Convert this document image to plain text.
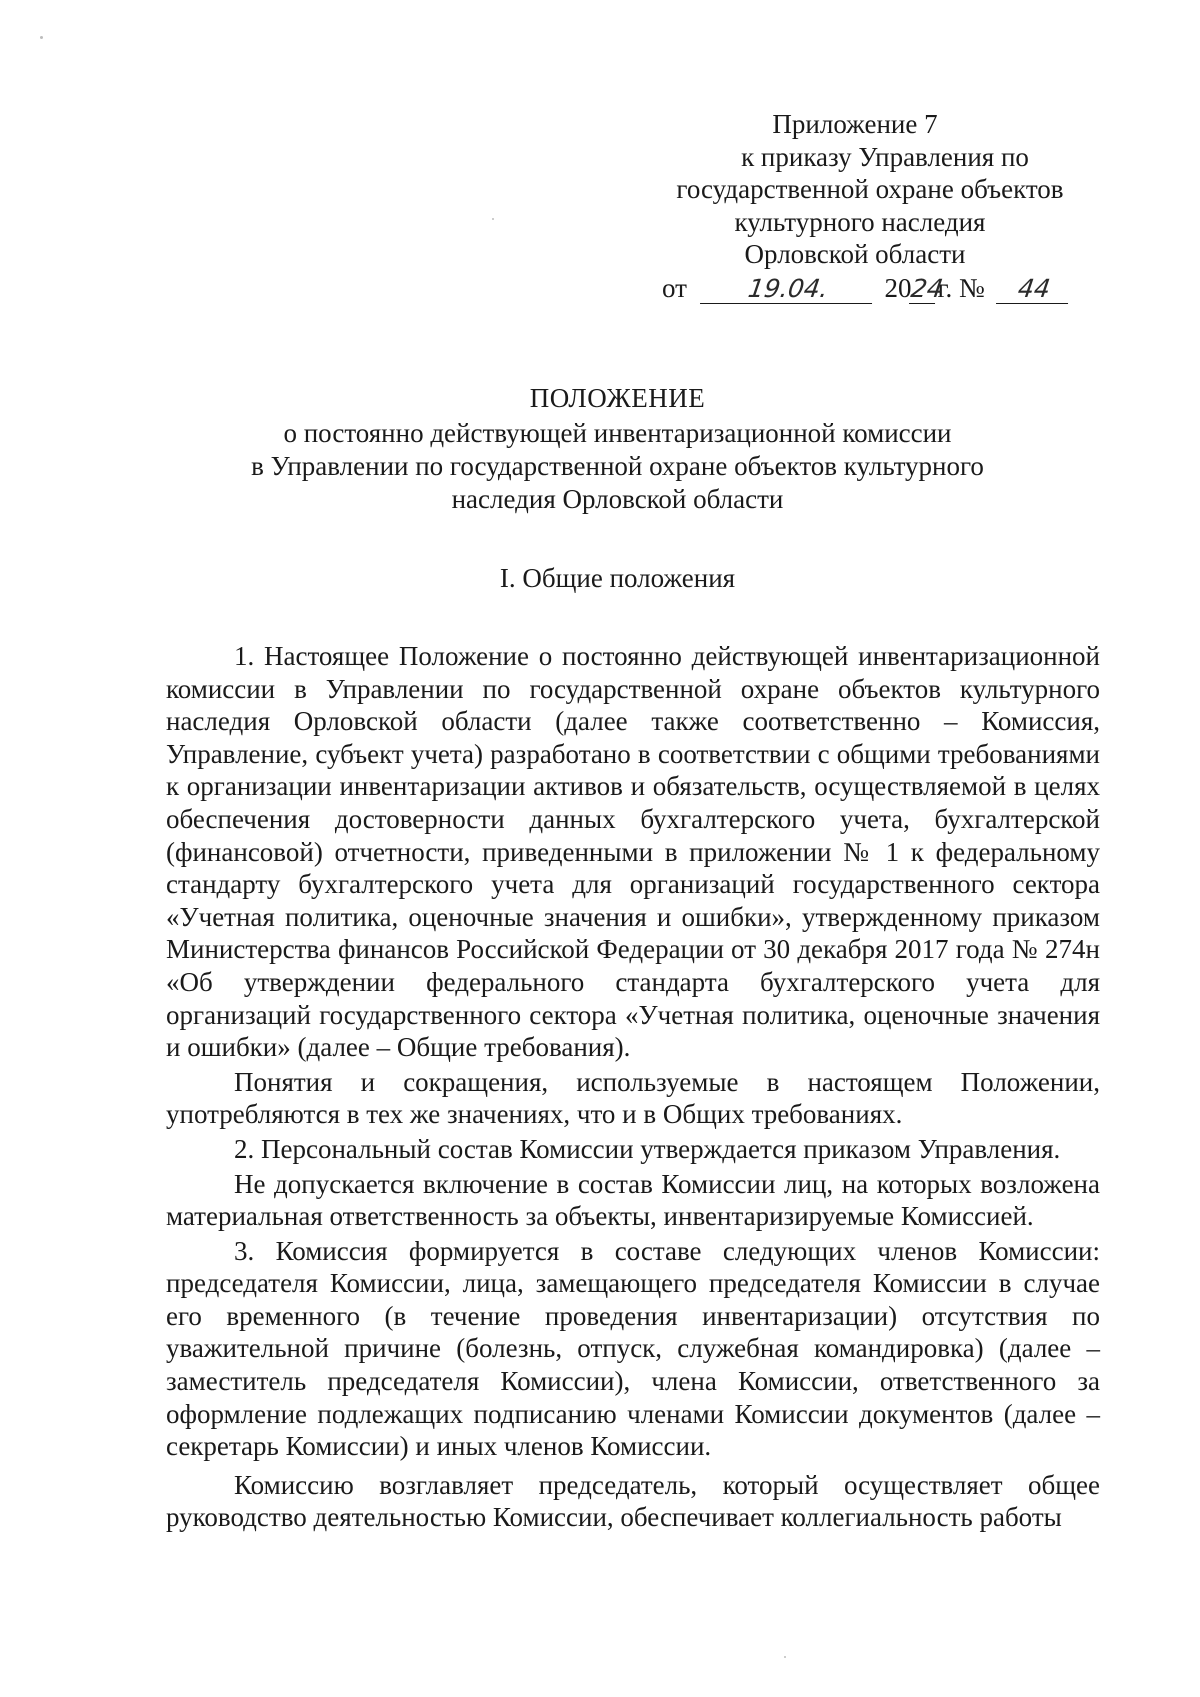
Приложение 7
к приказу Управления по
государственной охране объектов
культурного наследия
Орловской области
от 19.04. 2024г. № 44
ПОЛОЖЕНИЕ
о постоянно действующей инвентаризационной комиссии
в Управлении по государственной охране объектов культурного
наследия Орловской области
I. Общие положения

1. Настоящее Положение о постоянно действующей инвентаризационной комиссии в Управлении по государственной охране объектов культурного наследия Орловской области (далее также соответственно – Комиссия, Управление, субъект учета) разработано в соответствии с общими требованиями к организации инвентаризации активов и обязательств, осуществляемой в целях обеспечения достоверности данных бухгалтерского учета, бухгалтерской (финансовой) отчетности, приведенными в приложении № 1 к федеральному стандарту бухгалтерского учета для организаций государственного сектора «Учетная политика, оценочные значения и ошибки», утвержденному приказом Министерства финансов Российской Федерации от 30 декабря 2017 года № 274н «Об утверждении федерального стандарта бухгалтерского учета для организаций государственного сектора «Учетная политика, оценочные значения и ошибки» (далее – Общие требования).

Понятия и сокращения, используемые в настоящем Положении, употребляются в тех же значениях, что и в Общих требованиях.

2. Персональный состав Комиссии утверждается приказом Управления.

Не допускается включение в состав Комиссии лиц, на которых возложена материальная ответственность за объекты, инвентаризируемые Комиссией.

3. Комиссия формируется в составе следующих членов Комиссии: председателя Комиссии, лица, замещающего председателя Комиссии в случае его временного (в течение проведения инвентаризации) отсутствия по уважительной причине (болезнь, отпуск, служебная командировка) (далее – заместитель председателя Комиссии), члена Комиссии, ответственного за оформление подлежащих подписанию членами Комиссии документов (далее – секретарь Комиссии) и иных членов Комиссии.

Комиссию возглавляет председатель, который осуществляет общее руководство деятельностью Комиссии, обеспечивает коллегиальность работы
